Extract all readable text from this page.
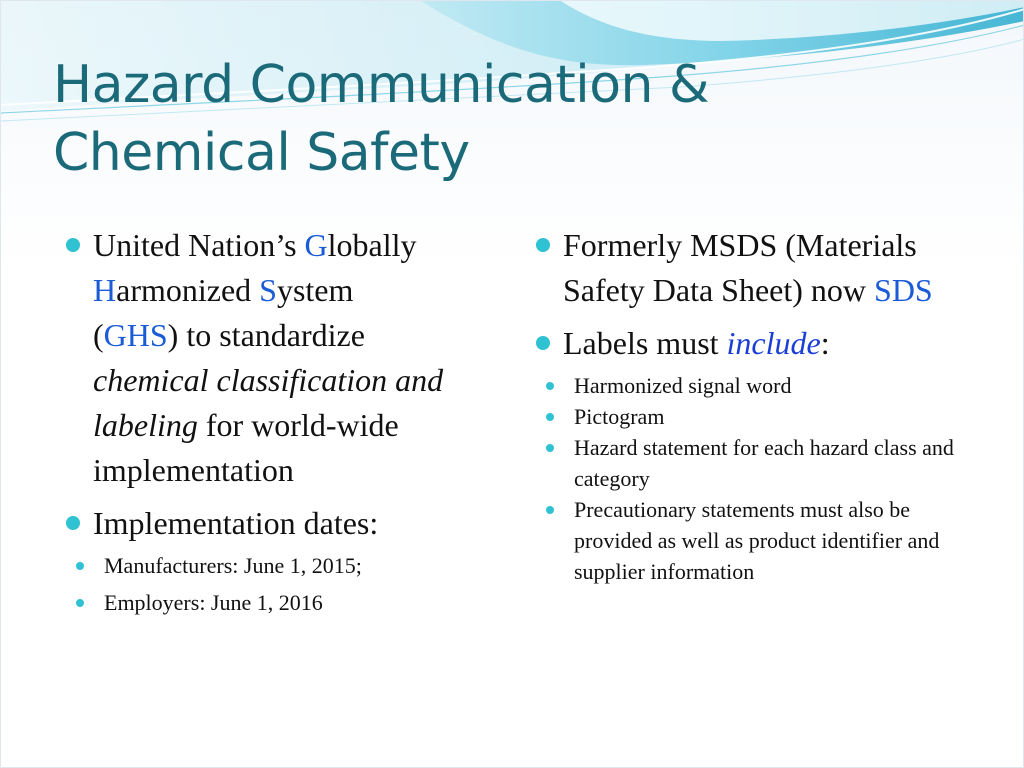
Hazard Communication &
Chemical Safety
United Nation’s Globally
Harmonized System
(GHS) to standardize
chemical classification and labeling for world-wide implementation
Implementation dates:
Manufacturers: June 1, 2015;
Employers: June 1, 2016
Formerly MSDS (Materials Safety Data Sheet) now SDS
Labels must include:
Harmonized signal word
Pictogram
Hazard statement for each hazard class and category
Precautionary statements must also be provided as well as product identifier and supplier information
